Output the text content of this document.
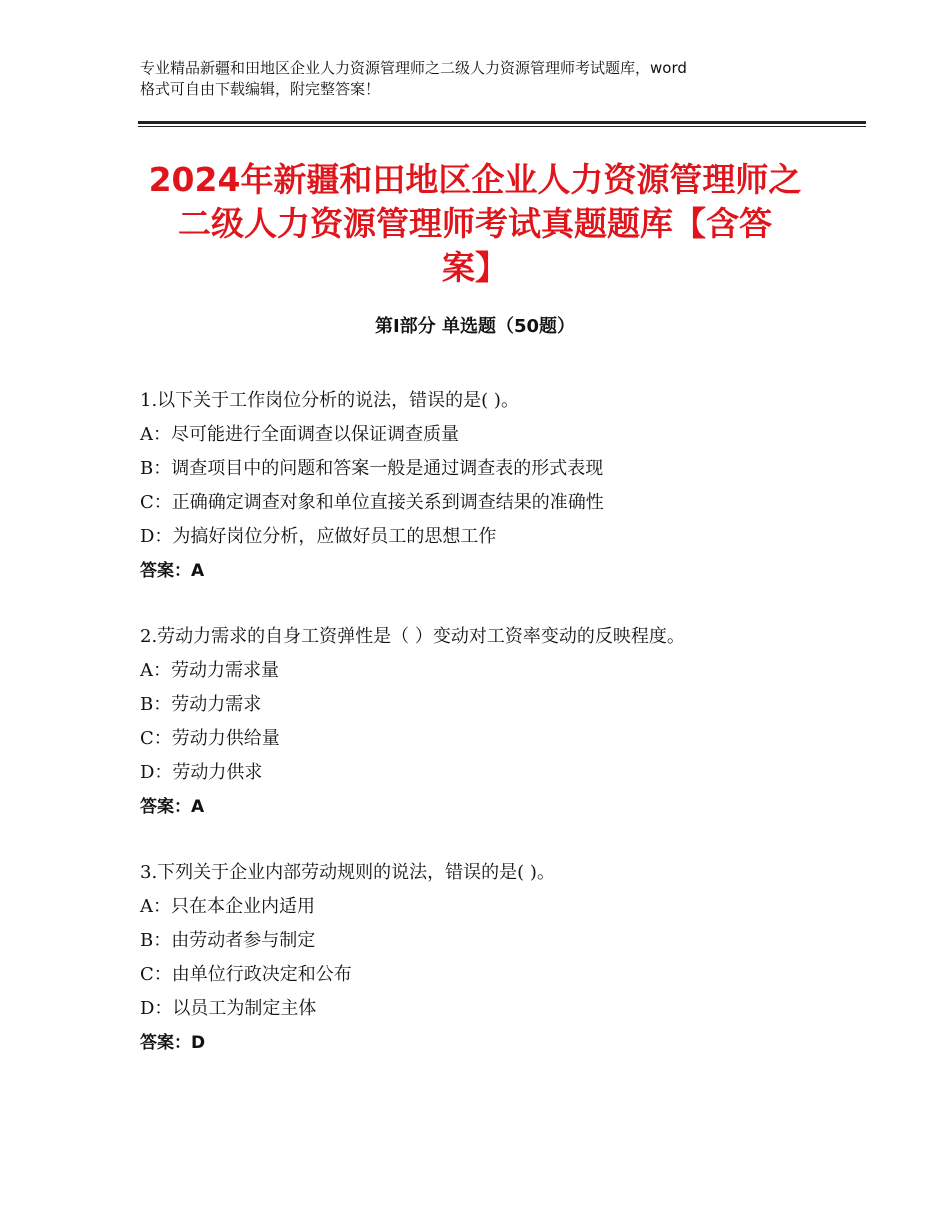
专业精品新疆和田地区企业人力资源管理师之二级人力资源管理师考试题库，word
格式可自由下载编辑，附完整答案！
2024年新疆和田地区企业人力资源管理师之
二级人力资源管理师考试真题题库【含答
案】
第Ⅰ部分 单选题（50题）
1.以下关于工作岗位分析的说法，错误的是( )。
A：尽可能进行全面调查以保证调查质量
B：调查项目中的问题和答案一般是通过调查表的形式表现
C：正确确定调查对象和单位直接关系到调查结果的准确性
D：为搞好岗位分析，应做好员工的思想工作
答案：A
2.劳动力需求的自身工资弹性是（ ）变动对工资率变动的反映程度。
A：劳动力需求量
B：劳动力需求
C：劳动力供给量
D：劳动力供求
答案：A
3.下列关于企业内部劳动规则的说法，错误的是( )。
A：只在本企业内适用
B：由劳动者参与制定
C：由单位行政决定和公布
D：以员工为制定主体
答案：D
